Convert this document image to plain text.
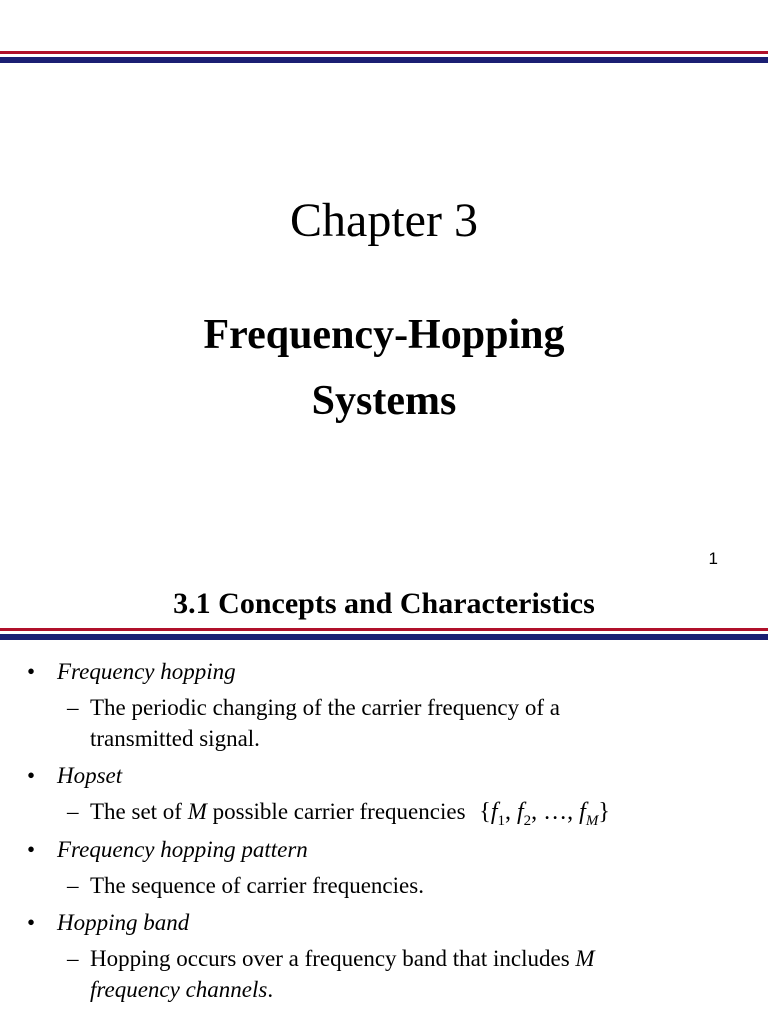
Chapter 3
Frequency-Hopping
Systems
1
3.1 Concepts and Characteristics
• Frequency hopping
– The periodic changing of the carrier frequency of a transmitted signal.
• Hopset
– The set of M possible carrier frequencies {$f_1$, $f_2$, …, $f_M$}
• Frequency hopping pattern
– The sequence of carrier frequencies.
• Hopping band
– Hopping occurs over a frequency band that includes M frequency channels.
